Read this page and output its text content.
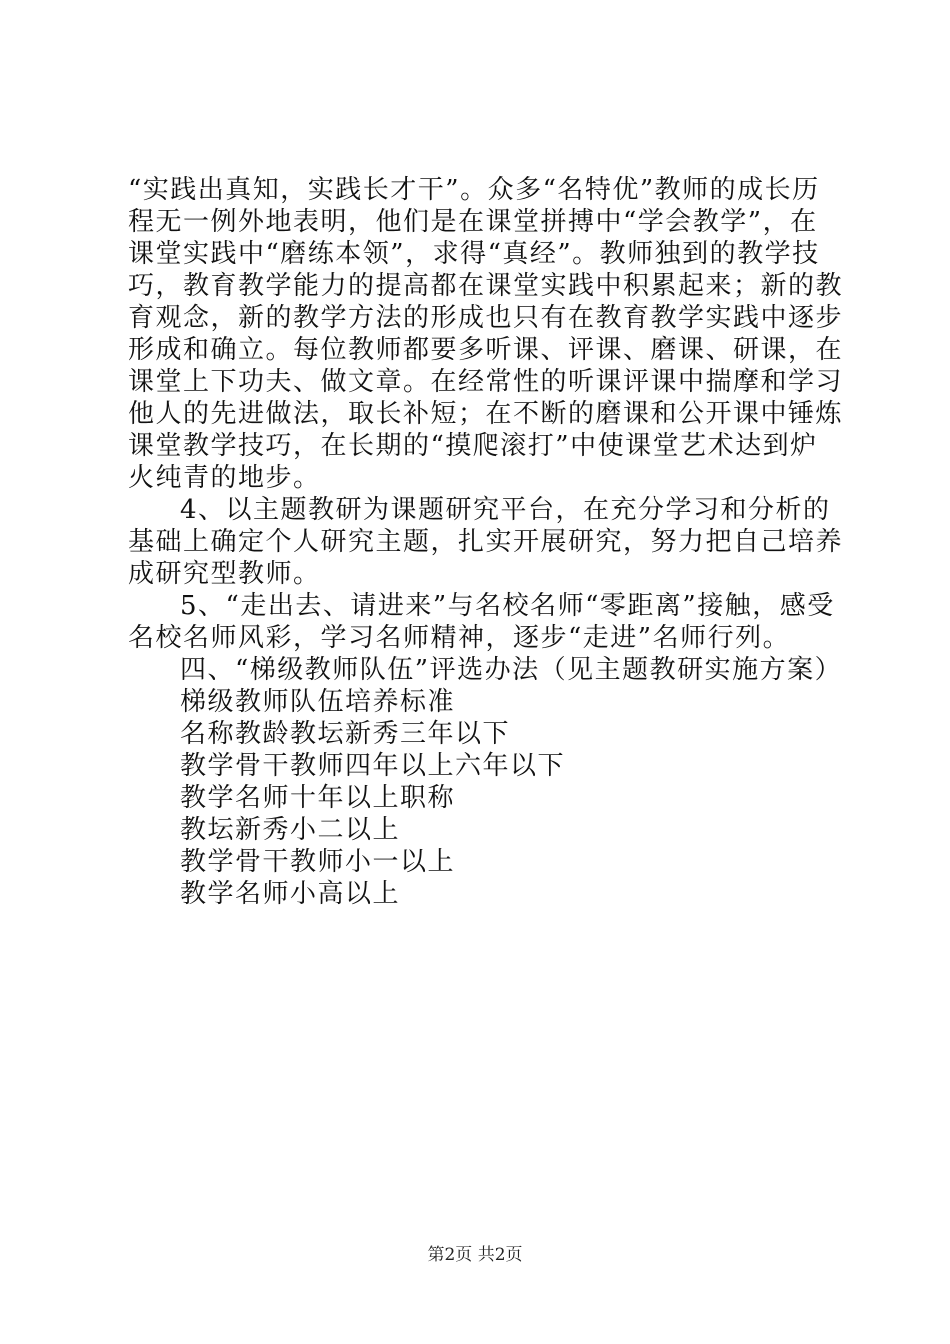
“实践出真知，实践长才干”。众多“名特优”教师的成长历程无一例外地表明，他们是在课堂拼搏中“学会教学”，在课堂实践中“磨练本领”，求得“真经”。教师独到的教学技巧，教育教学能力的提高都在课堂实践中积累起来；新的教育观念，新的教学方法的形成也只有在教育教学实践中逐步形成和确立。每位教师都要多听课、评课、磨课、研课，在课堂上下功夫、做文章。在经常性的听课评课中揣摩和学习他人的先进做法，取长补短；在不断的磨课和公开课中锤炼课堂教学技巧，在长期的“摸爬滚打”中使课堂艺术达到炉火纯青的地步。

4、以主题教研为课题研究平台，在充分学习和分析的基础上确定个人研究主题，扎实开展研究，努力把自己培养成研究型教师。

5、“走出去、请进来”与名校名师“零距离”接触，感受名校名师风彩，学习名师精神，逐步“走进”名师行列。

四、“梯级教师队伍”评选办法（见主题教研实施方案）

梯级教师队伍培养标准

名称教龄教坛新秀三年以下

教学骨干教师四年以上六年以下

教学名师十年以上职称

教坛新秀小二以上

教学骨干教师小一以上

教学名师小高以上

第2页 共2页
